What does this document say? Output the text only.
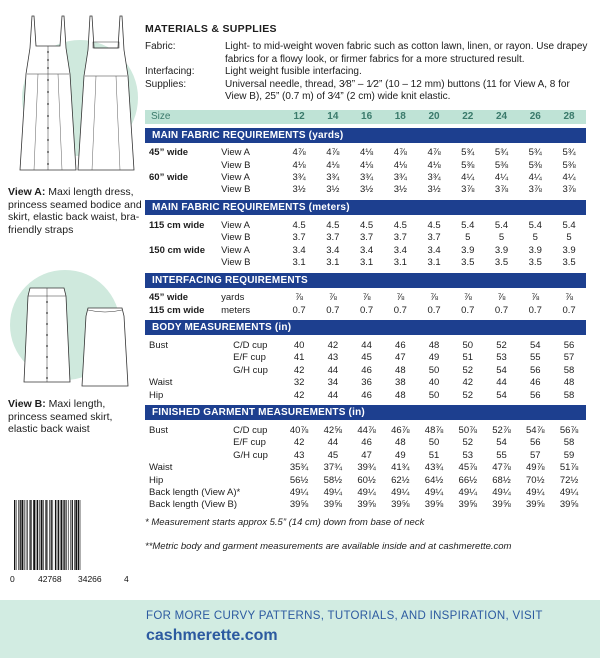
View A: Maxi length dress, princess seamed bodice and skirt, elastic back waist, bra-friendly straps
View B: Maxi length, princess seamed skirt, elastic back waist
0	42768 34266	4
MATERIALS & SUPPLIES
Fabric:	Light- to mid-weight woven fabric such as cotton lawn, linen, or rayon. Use drapey fabrics for a flowy look, or firmer fabrics for a more structured result.
Interfacing:	Light weight fusible interfacing.
Supplies:	Universal needle, thread, 3⁄8” – 1⁄2” (10 – 12 mm) buttons (11 for View A, 8 for View B), 25” (0.7 m) of 3⁄4” (2 cm) wide knit elastic.
Size		12	14	16	18	20	22	24	26	28

MAIN FABRIC REQUIREMENTS (yards)										

45” wide	View A	4⅞	4⅞	4⅛	4⅞	4⅞	5¾	5¾	5¾	5¾
	View B	4⅛	4⅛	4⅛	4⅛	4⅛	5⅜	5⅜	5⅜	5⅜
60” wide	View A	3¾	3¾	3¾	3¾	3¾	4¼	4¼	4¼	4¼
	View B	3½	3½	3½	3½	3½	3⅞	3⅞	3⅞	3⅞

MAIN FABRIC REQUIREMENTS (meters)										

115 cm wide	View A	4.5	4.5	4.5	4.5	4.5	5.4	5.4	5.4	5.4
	View B	3.7	3.7	3.7	3.7	3.7	5	5	5	5
150 cm wide	View A	3.4	3.4	3.4	3.4	3.4	3.9	3.9	3.9	3.9
	View B	3.1	3.1	3.1	3.1	3.1	3.5	3.5	3.5	3.5

INTERFACING REQUIREMENTS										

45” wide	yards	⅞	⅞	⅞	⅞	⅞	⅞	⅞	⅞	⅞
115 cm wide	meters	0.7	0.7	0.7	0.7	0.7	0.7	0.7	0.7	0.7

BODY MEASUREMENTS (in)										

Bust	C/D cup	40	42	44	46	48	50	52	54	56
	E/F cup	41	43	45	47	49	51	53	55	57
	G/H cup	42	44	46	48	50	52	54	56	58
Waist		32	34	36	38	40	42	44	46	48
Hip		42	44	46	48	50	52	54	56	58

FINISHED GARMENT MEASUREMENTS (in)										

Bust	C/D cup	40⅞	42⅝	44⅞	46⅞	48⅞	50⅞	52⅞	54⅞	56⅞
	E/F cup	42	44	46	48	50	52	54	56	58
	G/H cup	43	45	47	49	51	53	55	57	59
Waist		35¾	37¾	39¾	41¾	43¾	45⅞	47⅞	49⅞	51⅞
Hip		56½	58½	60½	62½	64½	66½	68½	70½	72½
Back length (View A)*		49¼	49¼	49¼	49¼	49¼	49¼	49¼	49¼	49¼
Back length (View B)		39⅝	39⅝	39⅝	39⅝	39⅝	39⅝	39⅝	39⅝	39⅝
* Measurement starts approx 5.5” (14 cm) down from base of neck
**Metric body and garment measurements are available inside and at cashmerette.com
FOR MORE CURVY PATTERNS, TUTORIALS, AND INSPIRATION, VISIT
cashmerette.com
